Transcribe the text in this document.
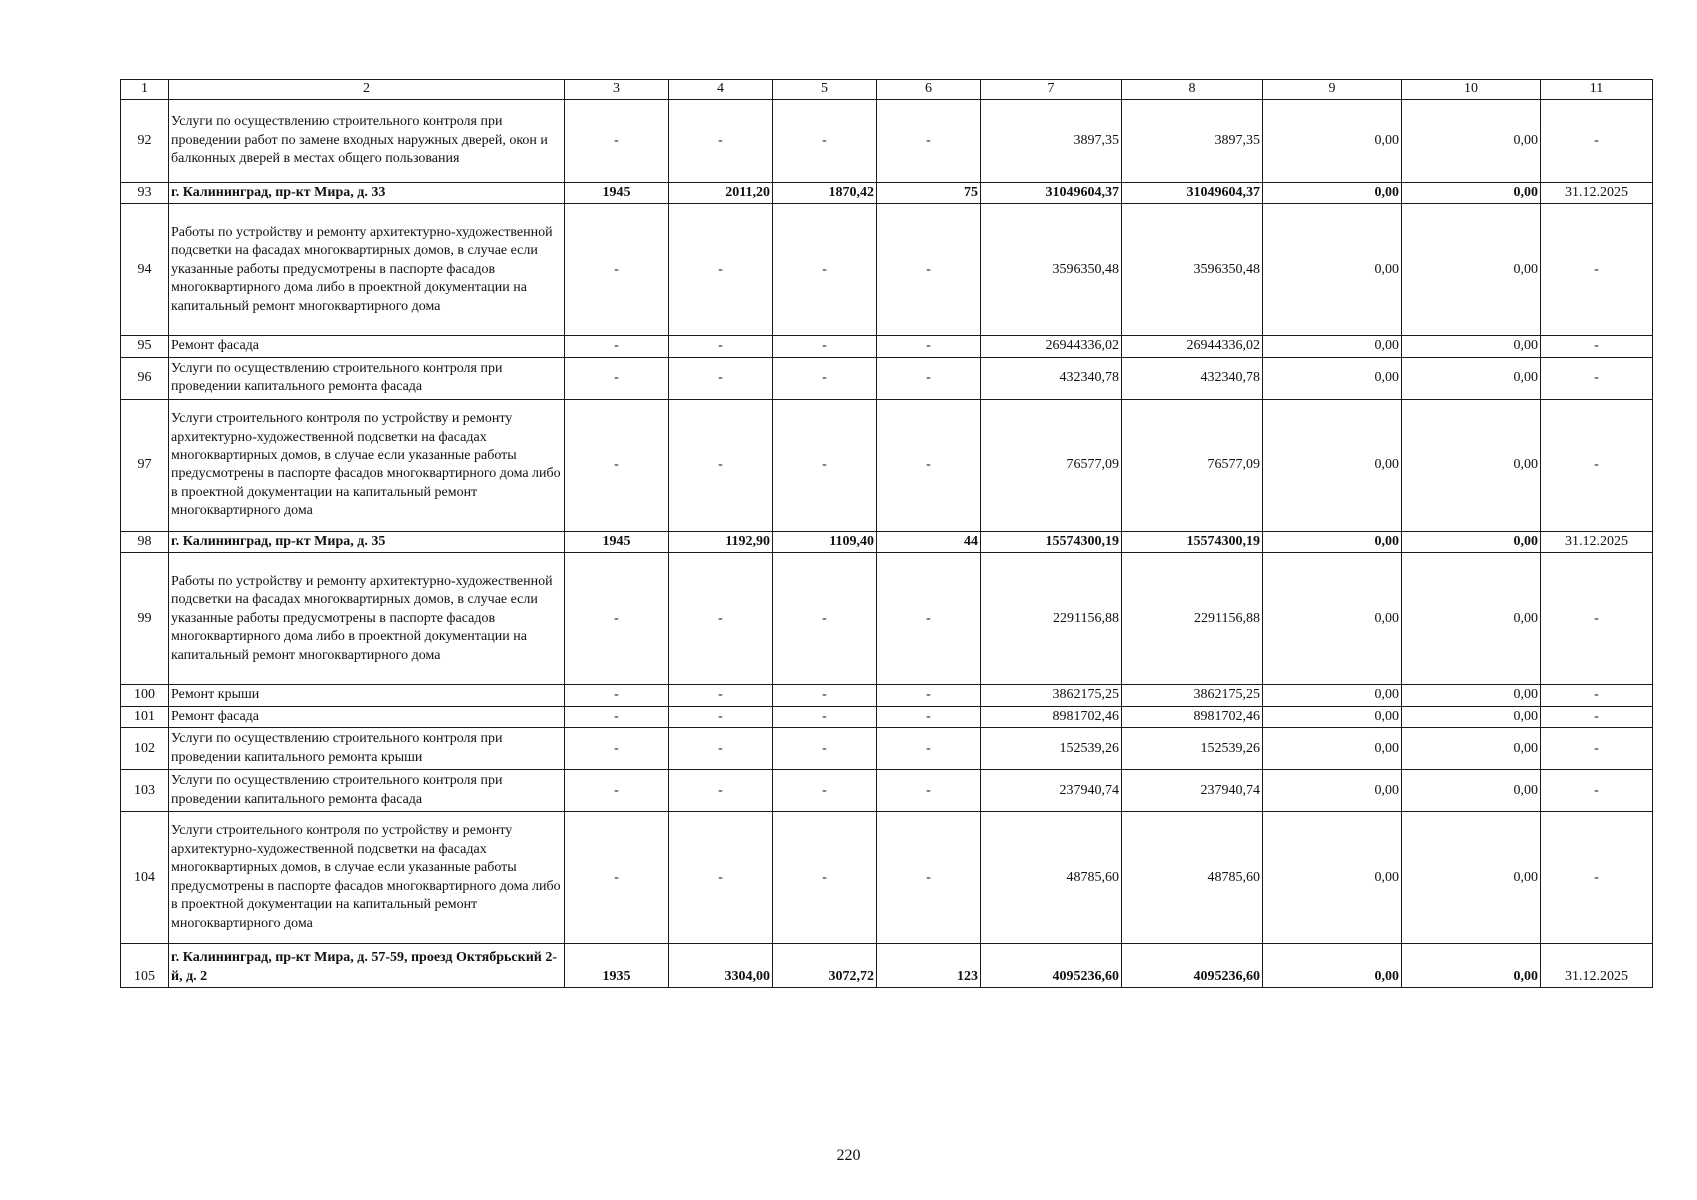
1	2	3	4	5	6	7	8	9	10	11
92	Услуги по осуществлению строительного контроля при проведении работ по замене входных наружных дверей, окон и балконных дверей в местах общего пользования	-	-	-	-	3897,35	3897,35	0,00	0,00	-
93	г. Калининград, пр-кт Мира, д. 33	1945	2011,20	1870,42	75	31049604,37	31049604,37	0,00	0,00	31.12.2025
94	Работы по устройству и ремонту архитектурно-художественной подсветки на фасадах многоквартирных домов, в случае если указанные работы предусмотрены в паспорте фасадов многоквартирного дома либо в проектной документации на капитальный ремонт многоквартирного дома	-	-	-	-	3596350,48	3596350,48	0,00	0,00	-
95	Ремонт фасада	-	-	-	-	26944336,02	26944336,02	0,00	0,00	-
96	Услуги по осуществлению строительного контроля при проведении капитального ремонта фасада	-	-	-	-	432340,78	432340,78	0,00	0,00	-
97	Услуги строительного контроля по устройству и ремонту архитектурно-художественной подсветки на фасадах многоквартирных домов, в случае если указанные работы предусмотрены в паспорте фасадов многоквартирного дома либо в проектной документации на капитальный ремонт многоквартирного дома	-	-	-	-	76577,09	76577,09	0,00	0,00	-
98	г. Калининград, пр-кт Мира, д. 35	1945	1192,90	1109,40	44	15574300,19	15574300,19	0,00	0,00	31.12.2025
99	Работы по устройству и ремонту архитектурно-художественной подсветки на фасадах многоквартирных домов, в случае если указанные работы предусмотрены в паспорте фасадов многоквартирного дома либо в проектной документации на капитальный ремонт многоквартирного дома	-	-	-	-	2291156,88	2291156,88	0,00	0,00	-
100	Ремонт крыши	-	-	-	-	3862175,25	3862175,25	0,00	0,00	-
101	Ремонт фасада	-	-	-	-	8981702,46	8981702,46	0,00	0,00	-
102	Услуги по осуществлению строительного контроля при проведении капитального ремонта крыши	-	-	-	-	152539,26	152539,26	0,00	0,00	-
103	Услуги по осуществлению строительного контроля при проведении капитального ремонта фасада	-	-	-	-	237940,74	237940,74	0,00	0,00	-
104	Услуги строительного контроля по устройству и ремонту архитектурно-художественной подсветки на фасадах многоквартирных домов, в случае если указанные работы предусмотрены в паспорте фасадов многоквартирного дома либо в проектной документации на капитальный ремонт многоквартирного дома	-	-	-	-	48785,60	48785,60	0,00	0,00	-
105	г. Калининград, пр-кт Мира, д. 57-59, проезд Октябрьский 2-й, д. 2	1935	3304,00	3072,72	123	4095236,60	4095236,60	0,00	0,00	31.12.2025
220
